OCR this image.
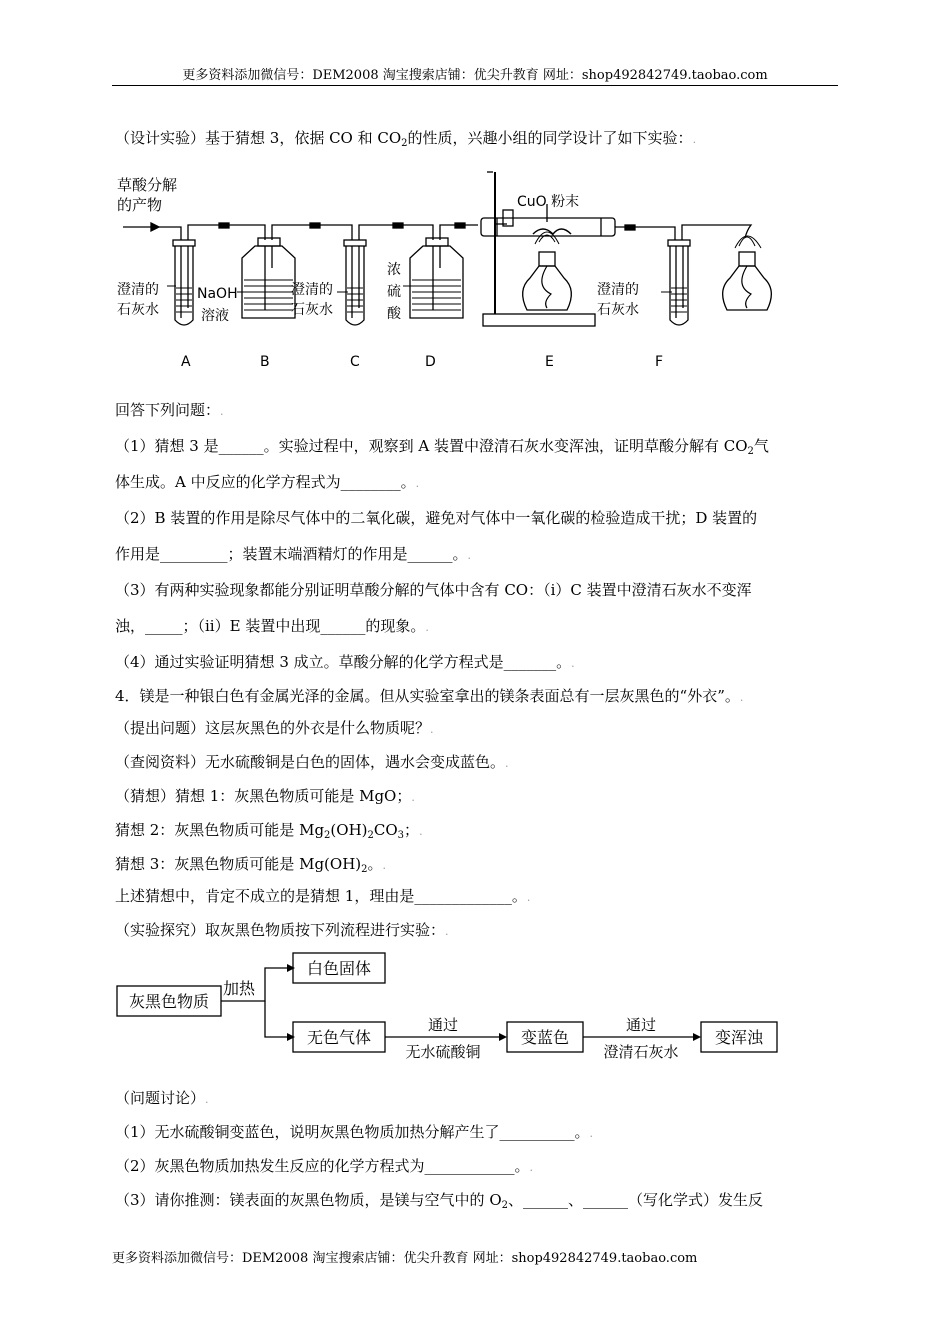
更多资料添加微信号：DEM2008 淘宝搜索店铺：优尖升教育 网址：shop492842749.taobao.com
（设计实验）基于猜想 3，依据 CO 和 $CO_2$的性质，兴趣小组的同学设计了如下实验：.
草酸分解
的产物	CuO 粉末
澄清的
石灰水
NaOH
溶液
澄清的
石灰水
浓
硫
酸
澄清的
石灰水
A	B	C	D	E	F
回答下列问题：.
（1）猜想 3 是______。实验过程中，观察到 A 装置中澄清石灰水变浑浊，证明草酸分解有 $CO_2$气
体生成。A 中反应的化学方程式为________。.
（2）B 装置的作用是除尽气体中的二氧化碳，避免对气体中一氧化碳的检验造成干扰；D 装置的
作用是_________；装置末端酒精灯的作用是______。.
（3）有两种实验现象都能分别证明草酸分解的气体中含有 CO：（i）C 装置中澄清石灰水不变浑
浊，_____；（ii）E 装置中出现______的现象。.
（4）通过实验证明猜想 3 成立。草酸分解的化学方程式是_______。.
4．镁是一种银白色有金属光泽的金属。但从实验室拿出的镁条表面总有一层灰黑色的“外衣”。.
（提出问题）这层灰黑色的外衣是什么物质呢？.
（查阅资料）无水硫酸铜是白色的固体，遇水会变成蓝色。.
（猜想）猜想 1：灰黑色物质可能是 MgO；.
猜想 2：灰黑色物质可能是 $Mg_2(OH)_2CO_3$；.
猜想 3：灰黑色物质可能是 $Mg(OH)_2$。.
上述猜想中，肯定不成立的是猜想 1，理由是_____________。.
（实验探究）取灰黑色物质按下列流程进行实验：.
灰黑色物质
加热
白色固体
无色气体
通过
无水硫酸铜
变蓝色
通过
澄清石灰水
变浑浊
（问题讨论）.
（1）无水硫酸铜变蓝色，说明灰黑色物质加热分解产生了__________。.
（2）灰黑色物质加热发生反应的化学方程式为____________。.
（3）请你推测：镁表面的灰黑色物质，是镁与空气中的 $O_2$、______、______（写化学式）发生反
更多资料添加微信号：DEM2008 淘宝搜索店铺：优尖升教育 网址：shop492842749.taobao.com
